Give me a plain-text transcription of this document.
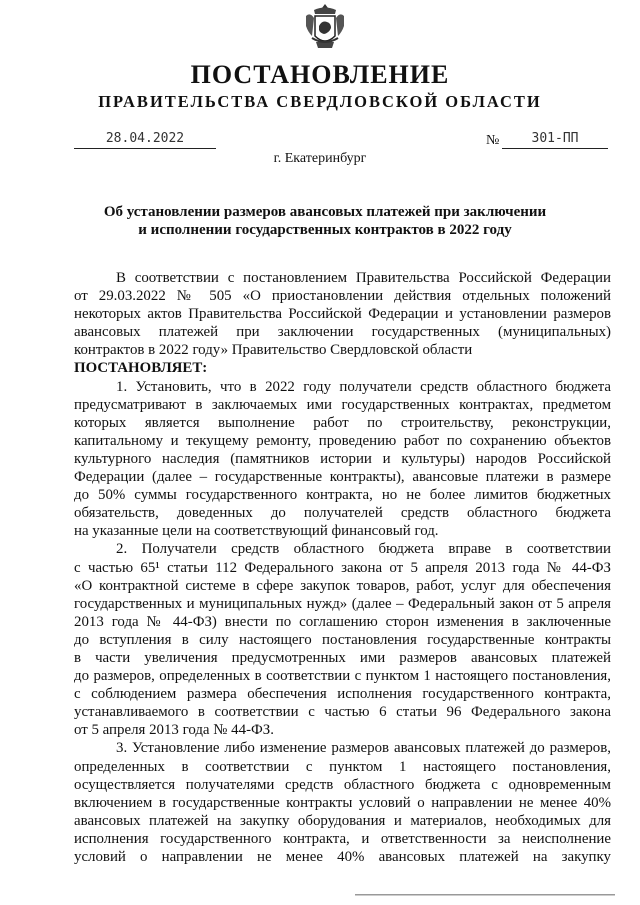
ПОСТАНОВЛЕНИЕ
ПРАВИТЕЛЬСТВА СВЕРДЛОВСКОЙ ОБЛАСТИ
28.04.2022	№	301-ПП
г. Екатеринбург
Об установлении размеров авансовых платежей при заключении
и исполнении государственных контрактов в 2022 году
В соответствии с постановлением Правительства Российской Федерации
от 29.03.2022 № 505 «О приостановлении действия отдельных положений
некоторых актов Правительства Российской Федерации и установлении размеров
авансовых платежей при заключении государственных (муниципальных)
контрактов в 2022 году» Правительство Свердловской области
ПОСТАНОВЛЯЕТ:
1. Установить, что в 2022 году получатели средств областного бюджета
предусматривают в заключаемых ими государственных контрактах, предметом
которых является выполнение работ по строительству, реконструкции,
капитальному и текущему ремонту, проведению работ по сохранению объектов
культурного наследия (памятников истории и культуры) народов Российской
Федерации (далее – государственные контракты), авансовые платежи в размере
до 50% суммы государственного контракта, но не более лимитов бюджетных
обязательств, доведенных до получателей средств областного бюджета
на указанные цели на соответствующий финансовый год.
2. Получатели средств областного бюджета вправе в соответствии
с частью 65¹ статьи 112 Федерального закона от 5 апреля 2013 года № 44-ФЗ
«О контрактной системе в сфере закупок товаров, работ, услуг для обеспечения
государственных и муниципальных нужд» (далее – Федеральный закон от 5 апреля
2013 года № 44-ФЗ) внести по соглашению сторон изменения в заключенные
до вступления в силу настоящего постановления государственные контракты
в части увеличения предусмотренных ими размеров авансовых платежей
до размеров, определенных в соответствии с пунктом 1 настоящего постановления,
с соблюдением размера обеспечения исполнения государственного контракта,
устанавливаемого в соответствии с частью 6 статьи 96 Федерального закона
от 5 апреля 2013 года № 44-ФЗ.
3. Установление либо изменение размеров авансовых платежей до размеров,
определенных в соответствии с пунктом 1 настоящего постановления,
осуществляется получателями средств областного бюджета с одновременным
включением в государственные контракты условий о направлении не менее 40%
авансовых платежей на закупку оборудования и материалов, необходимых для
исполнения государственного контракта, и ответственности за неисполнение
условий о направлении не менее 40% авансовых платежей на закупку
